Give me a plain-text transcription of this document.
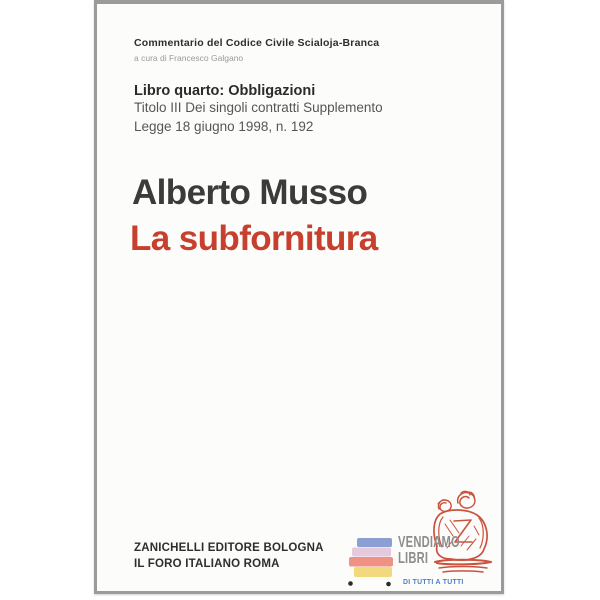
Commentario del Codice Civile Scialoja-Branca
a cura di Francesco Galgano
Libro quarto: Obbligazioni
Titolo III Dei singoli contratti Supplemento
Legge 18 giugno 1998, n. 192
Alberto Musso
La subfornitura
ZANICHELLI EDITORE BOLOGNA
IL FORO ITALIANO ROMA
VENDIAMO
LIBRI
DI TUTTI A TUTTI
